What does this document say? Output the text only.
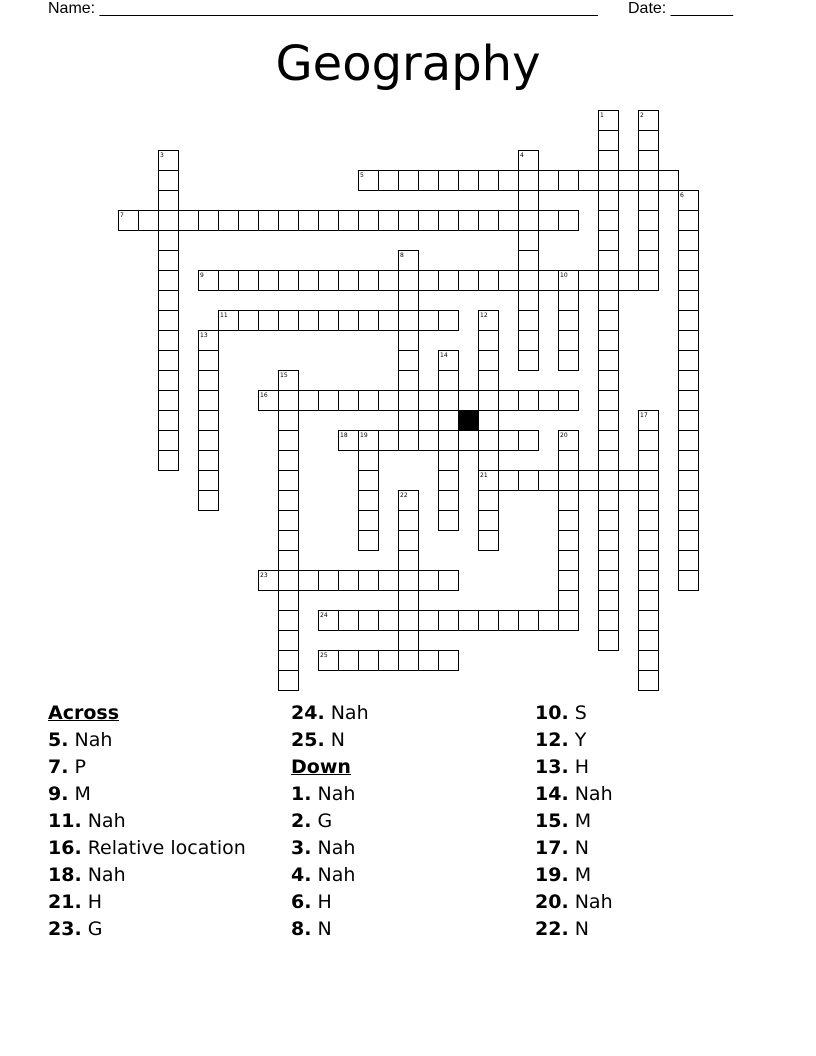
Name: ________________________________________________________ Date: _______
Geography
1	2
3	4
5
6
7
8
9	10
11	12
21
13
14
15
16
17
18 19	20
22
23
24
25
Across
5. Nah
7. P
9. M
11. Nah
16. Relative location
18. Nah
21. H
23. G
24. Nah
25. N
Down
1. Nah
2. G
3. Nah
4. Nah
6. H
8. N
10. S
12. Y
13. H
14. Nah
15. M
17. N
19. M
20. Nah
22. N
